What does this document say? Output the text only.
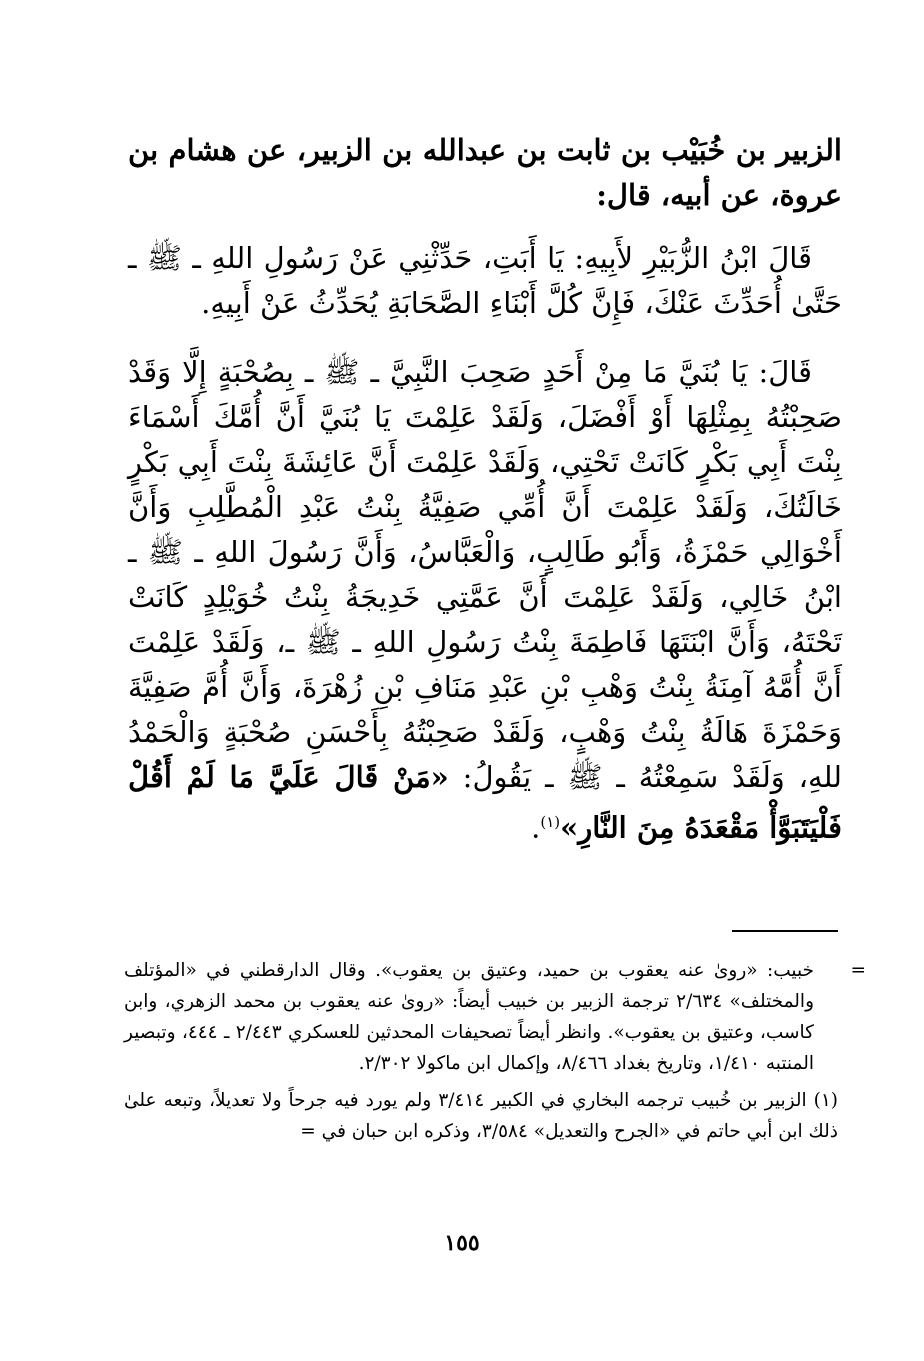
الزبير بن خُبَيْب بن ثابت بن عبدالله بن الزبير، عن هشام بن عروة، عن أبيه، قال:

قَالَ ابْنُ الزُّبَيْرِ لأَبِيهِ: يَا أَبَتِ، حَدِّثْنِي عَنْ رَسُولِ اللهِ ـ ﷺ ـ حَتَّىٰ أُحَدِّثَ عَنْكَ، فَإِنَّ كُلَّ أَبْنَاءِ الصَّحَابَةِ يُحَدِّثُ عَنْ أَبِيهِ.

قَالَ: يَا بُنَيَّ مَا مِنْ أَحَدٍ صَحِبَ النَّبِيَّ ـ ﷺ ـ بِصُحْبَةٍ إِلَّا وَقَدْ صَحِبْتُهُ بِمِثْلِهَا أَوْ أَفْضَلَ، وَلَقَدْ عَلِمْتَ يَا بُنَيَّ أَنَّ أُمَّكَ أَسْمَاءَ بِنْتَ أَبِي بَكْرٍ كَانَتْ تَحْتِي، وَلَقَدْ عَلِمْتَ أَنَّ عَائِشَةَ بِنْتَ أَبِي بَكْرٍ خَالَتُكَ، وَلَقَدْ عَلِمْتَ أَنَّ أُمِّي صَفِيَّةُ بِنْتُ عَبْدِ الْمُطَّلِبِ وَأَنَّ أَخْوَالِي حَمْزَةُ، وَأَبُو طَالِبٍ، وَالْعَبَّاسُ، وَأَنَّ رَسُولَ اللهِ ـ ﷺ ـ ابْنُ خَالِي، وَلَقَدْ عَلِمْتَ أَنَّ عَمَّتِي خَدِيجَةُ بِنْتُ خُوَيْلِدٍ كَانَتْ تَحْتَهُ، وَأَنَّ ابْنَتَهَا فَاطِمَةَ بِنْتُ رَسُولِ اللهِ ـ ﷺ ـ، وَلَقَدْ عَلِمْتَ أَنَّ أُمَّهُ آمِنَةُ بِنْتُ وَهْبِ بْنِ عَبْدِ مَنَافِ بْنِ زُهْرَةَ، وَأَنَّ أُمَّ صَفِيَّةَ وَحَمْزَةَ هَالَةُ بِنْتُ وَهْبٍ، وَلَقَدْ صَحِبْتُهُ بِأَحْسَنِ صُحْبَةٍ وَالْحَمْدُ للهِ، وَلَقَدْ سَمِعْتُهُ ـ ﷺ ـ يَقُولُ: «مَنْ قَالَ عَلَيَّ مَا لَمْ أَقُلْ فَلْيَتَبَوَّأْ مَقْعَدَهُ مِنَ النَّارِ»$^{(١)}$.

=

خبيب: «روىٰ عنه يعقوب بن حميد، وعتيق بن يعقوب». وقال الدارقطني في «المؤتلف والمختلف» ٢/٦٣٤ ترجمة الزبير بن خبيب أيضاً: «روىٰ عنه يعقوب بن محمد الزهري، وابن كاسب، وعتيق بن يعقوب». وانظر أيضاً تصحيفات المحدثين للعسكري ٢/٤٤٣ ـ ٤٤٤، وتبصير المنتبه ١/٤١٠، وتاريخ بغداد ٨/٤٦٦، وإكمال ابن ماكولا ٢/٣٠٢.

(١) الزبير بن خُبيب ترجمه البخاري في الكبير ٣/٤١٤ ولم يورد فيه جرحاً ولا تعديلاً، وتبعه علىٰ ذلك ابن أبي حاتم في «الجرح والتعديل» ٣/٥٨٤، وذكره ابن حبان في =

١٥٥
